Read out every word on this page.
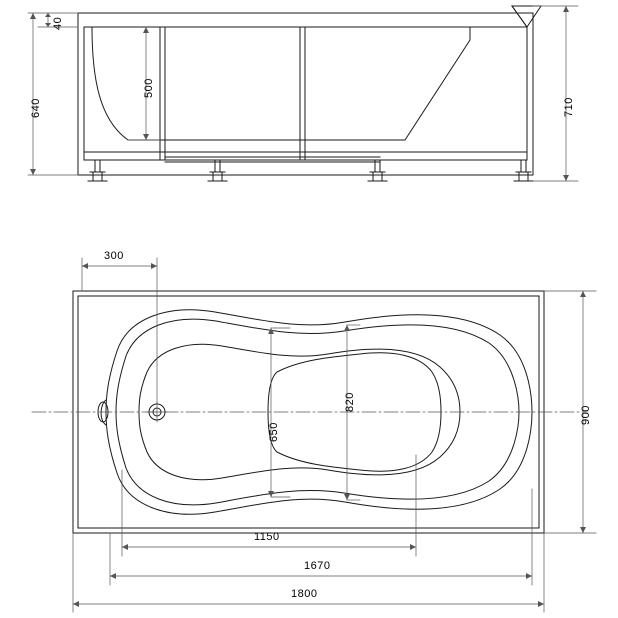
40
640
500
710
300
820
650
900
1150
1670
1800
